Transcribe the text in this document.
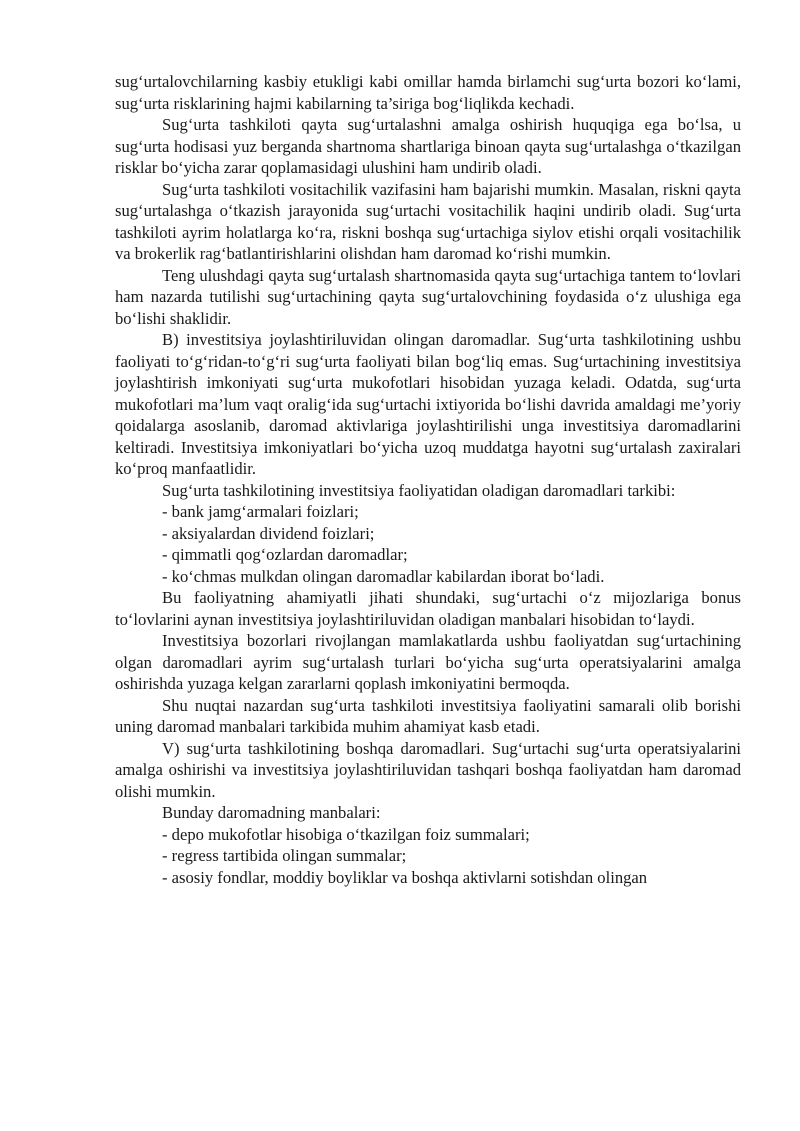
sug‘urtalovchilarning kasbiy etukligi kabi omillar hamda birlamchi sug‘urta bozori ko‘lami, sug‘urta risklarining hajmi kabilarning ta’siriga bog‘liqlikda kechadi.

Sug‘urta tashkiloti qayta sug‘urtalashni amalga oshirish huquqiga ega bo‘lsa, u sug‘urta hodisasi yuz berganda shartnoma shartlariga binoan qayta sug‘urtalashga o‘tkazilgan risklar bo‘yicha zarar qoplamasidagi ulushini ham undirib oladi.

Sug‘urta tashkiloti vositachilik vazifasini ham bajarishi mumkin. Masalan, riskni qayta sug‘urtalashga o‘tkazish jarayonida sug‘urtachi vositachilik haqini undirib oladi. Sug‘urta tashkiloti ayrim holatlarga ko‘ra, riskni boshqa sug‘urtachiga siylov etishi orqali vositachilik va brokerlik rag‘batlantirishlarini olishdan ham daromad ko‘rishi mumkin.

Teng ulushdagi qayta sug‘urtalash shartnomasida qayta sug‘urtachiga tantem to‘lovlari ham nazarda tutilishi sug‘urtachining qayta sug‘urtalovchining foydasida o‘z ulushiga ega bo‘lishi shaklidir.

B) investitsiya joylashtiriluvidan olingan daromadlar. Sug‘urta tashkilotining ushbu faoliyati to‘g‘ridan-to‘g‘ri sug‘urta faoliyati bilan bog‘liq emas. Sug‘urtachining investitsiya joylashtirish imkoniyati sug‘urta mukofotlari hisobidan yuzaga keladi. Odatda, sug‘urta mukofotlari ma’lum vaqt oralig‘ida sug‘urtachi ixtiyorida bo‘lishi davrida amaldagi me’yoriy qoidalarga asoslanib, daromad aktivlariga joylashtirilishi unga investitsiya daromadlarini keltiradi. Investitsiya imkoniyatlari bo‘yicha uzoq muddatga hayotni sug‘urtalash zaxiralari ko‘proq manfaatlidir.

Sug‘urta tashkilotining investitsiya faoliyatidan oladigan daromadlari tarkibi:

- bank jamg‘armalari foizlari;

- aksiyalardan dividend foizlari;

- qimmatli qog‘ozlardan daromadlar;

- ko‘chmas mulkdan olingan daromadlar kabilardan iborat bo‘ladi.

Bu faoliyatning ahamiyatli jihati shundaki, sug‘urtachi o‘z mijozlariga bonus to‘lovlarini aynan investitsiya joylashtiriluvidan oladigan manbalari hisobidan to‘laydi.

Investitsiya bozorlari rivojlangan mamlakatlarda ushbu faoliyatdan sug‘urtachining olgan daromadlari ayrim sug‘urtalash turlari bo‘yicha sug‘urta operatsiyalarini amalga oshirishda yuzaga kelgan zararlarni qoplash imkoniyatini bermoqda.

Shu nuqtai nazardan sug‘urta tashkiloti investitsiya faoliyatini samarali olib borishi uning daromad manbalari tarkibida muhim ahamiyat kasb etadi.

V) sug‘urta tashkilotining boshqa daromadlari. Sug‘urtachi sug‘urta operatsiyalarini amalga oshirishi va investitsiya joylashtiriluvidan tashqari boshqa faoliyatdan ham daromad olishi mumkin.

Bunday daromadning manbalari:

- depo mukofotlar hisobiga o‘tkazilgan foiz summalari;

- regress tartibida olingan summalar;

- asosiy fondlar, moddiy boyliklar va boshqa aktivlarni sotishdan olingan
